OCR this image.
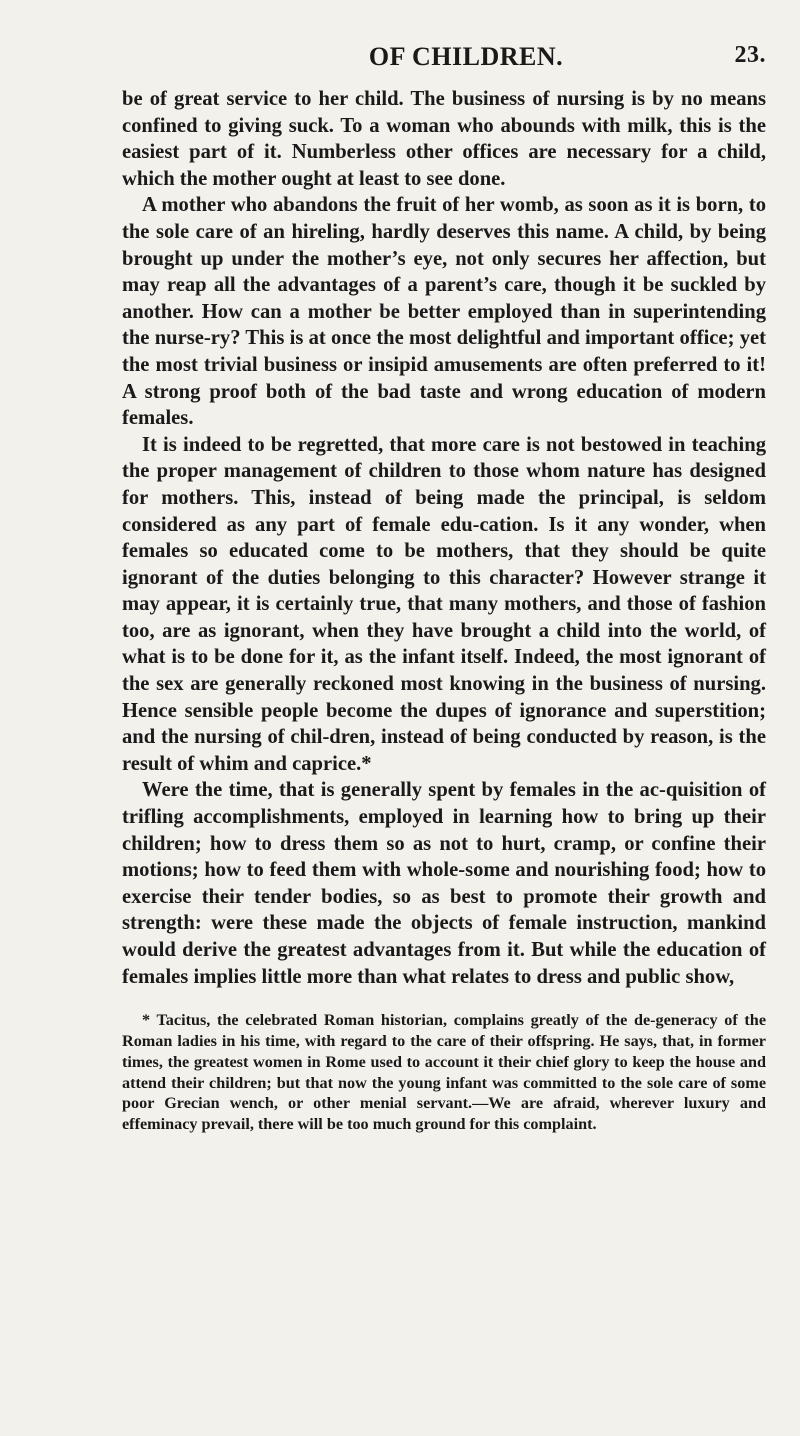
OF CHILDREN.	23.

be of great service to her child. The business of nursing is by no means confined to giving suck. To a woman who abounds with milk, this is the easiest part of it. Numberless other offices are necessary for a child, which the mother ought at least to see done.

A mother who abandons the fruit of her womb, as soon as it is born, to the sole care of an hireling, hardly deserves this name. A child, by being brought up under the mother’s eye, not only secures her affection, but may reap all the advantages of a parent’s care, though it be suckled by another. How can a mother be better employed than in superintending the nurse-ry? This is at once the most delightful and important office; yet the most trivial business or insipid amusements are often preferred to it! A strong proof both of the bad taste and wrong education of modern females.

It is indeed to be regretted, that more care is not bestowed in teaching the proper management of children to those whom nature has designed for mothers. This, instead of being made the principal, is seldom considered as any part of female edu-cation. Is it any wonder, when females so educated come to be mothers, that they should be quite ignorant of the duties belonging to this character? However strange it may appear, it is certainly true, that many mothers, and those of fashion too, are as ignorant, when they have brought a child into the world, of what is to be done for it, as the infant itself. Indeed, the most ignorant of the sex are generally reckoned most knowing in the business of nursing. Hence sensible people become the dupes of ignorance and superstition; and the nursing of chil-dren, instead of being conducted by reason, is the result of whim and caprice.*

Were the time, that is generally spent by females in the ac-quisition of trifling accomplishments, employed in learning how to bring up their children; how to dress them so as not to hurt, cramp, or confine their motions; how to feed them with whole-some and nourishing food; how to exercise their tender bodies, so as best to promote their growth and strength: were these made the objects of female instruction, mankind would derive the greatest advantages from it. But while the education of females implies little more than what relates to dress and public show,

* Tacitus, the celebrated Roman historian, complains greatly of the de-generacy of the Roman ladies in his time, with regard to the care of their offspring. He says, that, in former times, the greatest women in Rome used to account it their chief glory to keep the house and attend their children; but that now the young infant was committed to the sole care of some poor Grecian wench, or other menial servant.—We are afraid, wherever luxury and effeminacy prevail, there will be too much ground for this complaint.
